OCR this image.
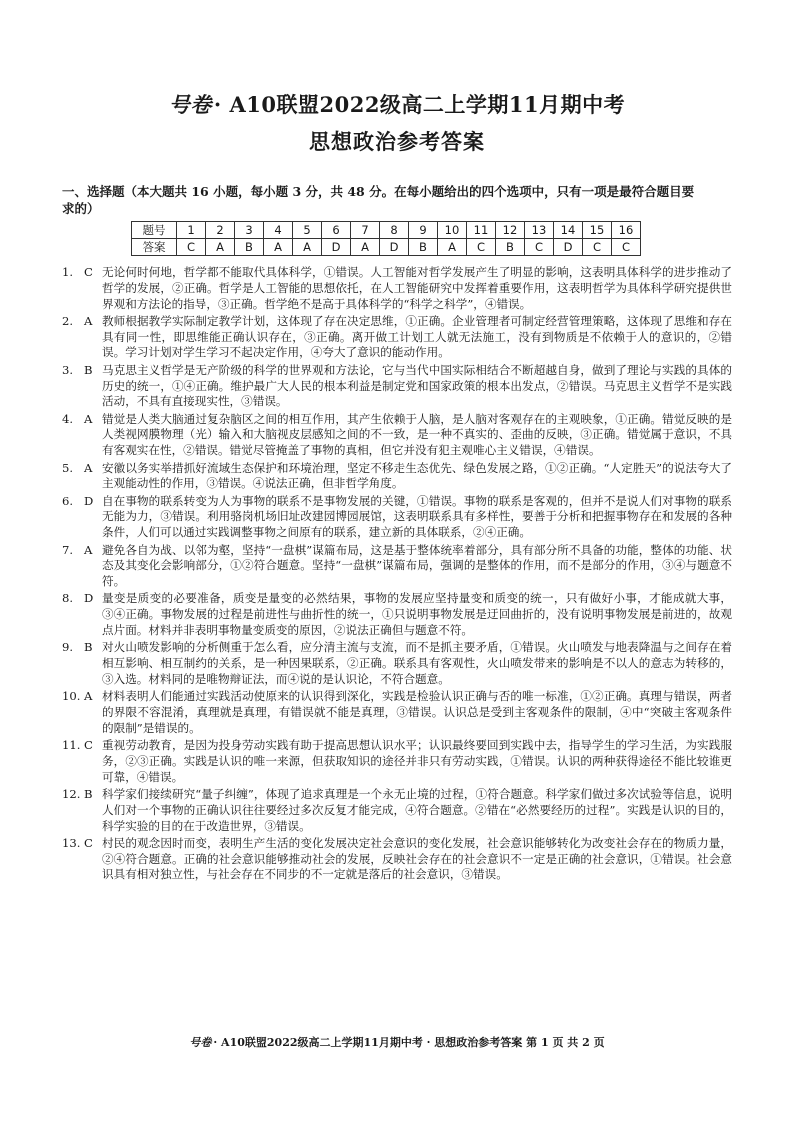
号卷· A10联盟2022级高二上学期11月期中考
思想政治参考答案
一、选择题（本大题共 16 小题，每小题 3 分，共 48 分。在每小题给出的四个选项中，只有一项是最符合题目要求的）
题号	1	2	3	4	5	6	7	8	9	10	11	12	13	14	15	16
答案	C	A	B	A	A	D	A	D	B	A	C	B	C	D	C	C
1. C 无论何时何地，哲学都不能取代具体科学，①错误。人工智能对哲学发展产生了明显的影响，这表明具体科学的进步推动了哲学的发展，②正确。哲学是人工智能的思想依托，在人工智能研究中发挥着重要作用，这表明哲学为具体科学研究提供世界观和方法论的指导，③正确。哲学绝不是高于具体科学的“科学之科学”，④错误。
2. A 教师根据教学实际制定教学计划，这体现了存在决定思维，①正确。企业管理者可制定经营管理策略，这体现了思维和存在具有同一性，即思维能正确认识存在，③正确。离开做工计划工人就无法施工，没有到物质是不依赖于人的意识的，②错误。学习计划对学生学习不起决定作用，④夸大了意识的能动作用。
3. B 马克思主义哲学是无产阶级的科学的世界观和方法论，它与当代中国实际相结合不断超越自身，做到了理论与实践的具体的历史的统一，①④正确。维护最广大人民的根本利益是制定党和国家政策的根本出发点，②错误。马克思主义哲学不是实践活动，不具有直接现实性，③错误。
4. A 错觉是人类大脑通过复杂脑区之间的相互作用，其产生依赖于人脑，是人脑对客观存在的主观映象，①正确。错觉反映的是人类视网膜物理（光）输入和大脑视皮层感知之间的不一致，是一种不真实的、歪曲的反映，③正确。错觉属于意识，不具有客观实在性，②错误。错觉尽管掩盖了事物的真相，但它并没有犯主观唯心主义错误，④错误。
5. A 安徽以务实举措抓好流域生态保护和环境治理，坚定不移走生态优先、绿色发展之路，①②正确。“人定胜天”的说法夸大了主观能动性的作用，③错误。④说法正确，但非哲学角度。
6. D 自在事物的联系转变为人为事物的联系不是事物发展的关键，①错误。事物的联系是客观的，但并不是说人们对事物的联系无能为力，③错误。利用骆岗机场旧址改建园博园展馆，这表明联系具有多样性，要善于分析和把握事物存在和发展的各种条件，人们可以通过实践调整事物之间原有的联系，建立新的具体联系，②④正确。
7. A 避免各自为战、以邻为壑，坚持“一盘棋”谋篇布局，这是基于整体统率着部分，具有部分所不具备的功能，整体的功能、状态及其变化会影响部分，①②符合题意。坚持“一盘棋”谋篇布局，强调的是整体的作用，而不是部分的作用，③④与题意不符。
8. D 量变是质变的必要准备，质变是量变的必然结果，事物的发展应坚持量变和质变的统一，只有做好小事，才能成就大事，③④正确。事物发展的过程是前进性与曲折性的统一，①只说明事物发展是迂回曲折的，没有说明事物发展是前进的，故观点片面。材料并非表明事物量变质变的原因，②说法正确但与题意不符。
9. B 对火山喷发影响的分析侧重于怎么看，应分清主流与支流，而不是抓主要矛盾，①错误。火山喷发与地表降温与之间存在着相互影响、相互制约的关系，是一种因果联系，②正确。联系具有客观性，火山喷发带来的影响是不以人的意志为转移的，③入选。材料同的是唯物辩证法，而④说的是认识论，不符合题意。
10. A 材料表明人们能通过实践活动使原来的认识得到深化，实践是检验认识正确与否的唯一标准，①②正确。真理与错误，两者的界限不容混淆，真理就是真理，有错误就不能是真理，③错误。认识总是受到主客观条件的限制，④中“突破主客观条件的限制”是错误的。
11. C 重视劳动教育，是因为投身劳动实践有助于提高思想认识水平；认识最终要回到实践中去，指导学生的学习生活，为实践服务，②③正确。实践是认识的唯一来源，但获取知识的途径并非只有劳动实践，①错误。认识的两种获得途径不能比较谁更可靠，④错误。
12. B 科学家们接续研究“量子纠缠”，体现了追求真理是一个永无止境的过程，①符合题意。科学家们做过多次试验等信息，说明人们对一个事物的正确认识往往要经过多次反复才能完成，④符合题意。②错在“必然要经历的过程”。实践是认识的目的，科学实验的目的在于改造世界，③错误。
13. C 村民的观念因时而变，表明生产生活的变化发展决定社会意识的变化发展，社会意识能够转化为改变社会存在的物质力量，②④符合题意。正确的社会意识能够推动社会的发展，反映社会存在的社会意识不一定是正确的社会意识，①错误。社会意识具有相对独立性，与社会存在不同步的不一定就是落后的社会意识，③错误。
号卷 · A10联盟2022级高二上学期11月期中考 · 思想政治参考答案 第 1 页 共 2 页
